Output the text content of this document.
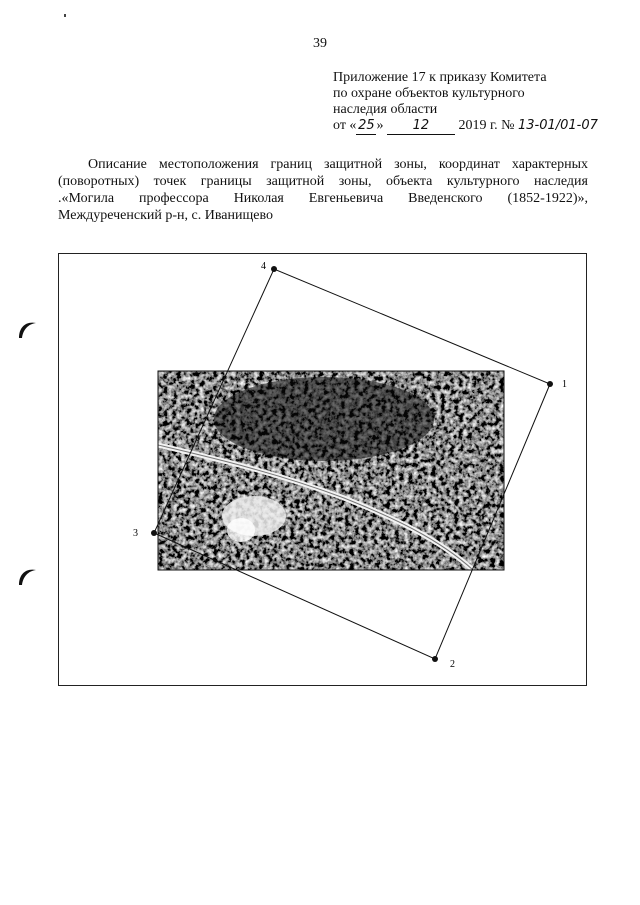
39
Приложение 17 к приказу Комитета
по охране объектов культурного
наследия области
от « 25 » 12 2019 г. № 13-01/01-07
Описание местоположения границ защитной зоны, координат характерных
(поворотных) точек границы защитной зоны, объекта культурного наследия
.«Могила профессора Николая Евгеньевича Введенского (1852-1922)»,
Междуреченский р-н, с. Иванищево
1
2
3
4
